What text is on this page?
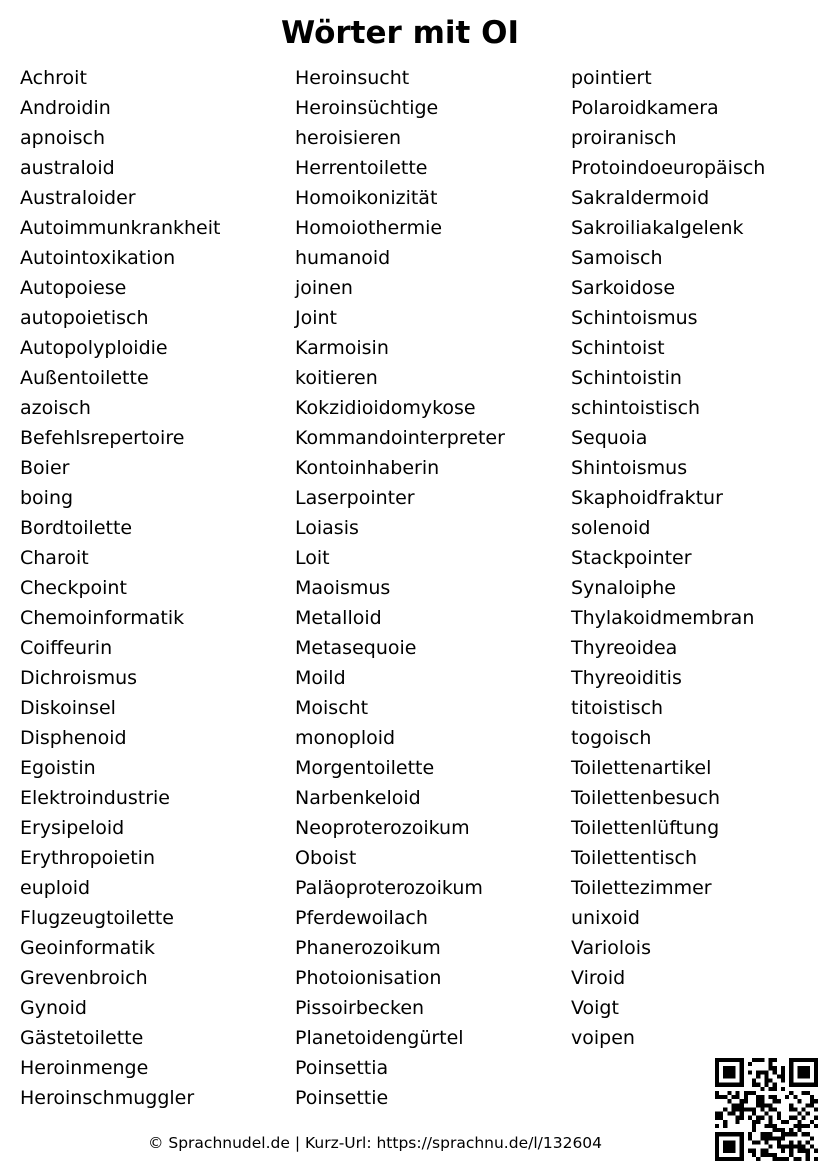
Wörter mit OI
Achroit
Androidin
apnoisch
australoid
Australoider
Autoimmunkrankheit
Autointoxikation
Autopoiese
autopoietisch
Autopolyploidie
Außentoilette
azoisch
Befehlsrepertoire
Boier
boing
Bordtoilette
Charoit
Checkpoint
Chemoinformatik
Coiffeurin
Dichroismus
Diskoinsel
Disphenoid
Egoistin
Elektroindustrie
Erysipeloid
Erythropoietin
euploid
Flugzeugtoilette
Geoinformatik
Grevenbroich
Gynoid
Gästetoilette
Heroinmenge
Heroinschmuggler
Heroinsucht
Heroinsüchtige
heroisieren
Herrentoilette
Homoikonizität
Homoiothermie
humanoid
joinen
Joint
Karmoisin
koitieren
Kokzidioidomykose
Kommandointerpreter
Kontoinhaberin
Laserpointer
Loiasis
Loit
Maoismus
Metalloid
Metasequoie
Moild
Moischt
monoploid
Morgentoilette
Narbenkeloid
Neoproterozoikum
Oboist
Paläoproterozoikum
Pferdewoilach
Phanerozoikum
Photoionisation
Pissoirbecken
Planetoidengürtel
Poinsettia
Poinsettie
pointiert
Polaroidkamera
proiranisch
Protoindoeuropäisch
Sakraldermoid
Sakroiliakalgelenk
Samoisch
Sarkoidose
Schintoismus
Schintoist
Schintoistin
schintoistisch
Sequoia
Shintoismus
Skaphoidfraktur
solenoid
Stackpointer
Synaloiphe
Thylakoidmembran
Thyreoidea
Thyreoiditis
titoistisch
togoisch
Toilettenartikel
Toilettenbesuch
Toilettenlüftung
Toilettentisch
Toilettezimmer
unixoid
Variolois
Viroid
Voigt
voipen
© Sprachnudel.de | Kurz-Url: https://sprachnu.de/l/132604
